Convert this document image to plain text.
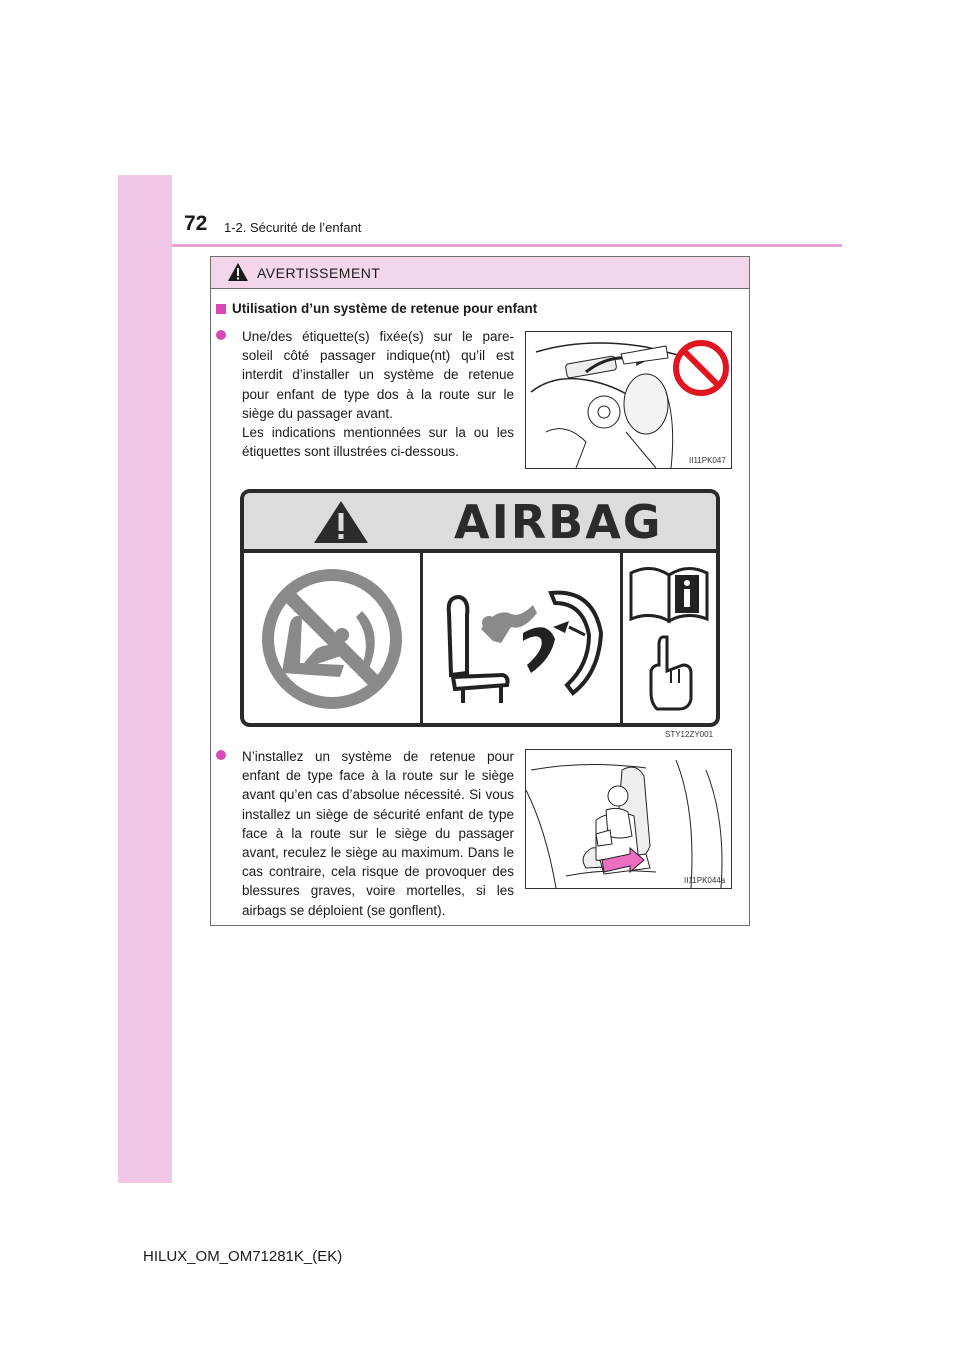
72 1-2. Sécurité de l’enfant
AVERTISSEMENT
Utilisation d’un système de retenue pour enfant
Une/des étiquette(s) fixée(s) sur le pare-soleil côté passager indique(nt) qu’il est interdit d’installer un système de retenue pour enfant de type dos à la route sur le siège du passager avant.
Les indications mentionnées sur la ou les étiquettes sont illustrées ci-dessous.
II11PK047
AIRBAG
STY12ZY001
N’installez un système de retenue pour enfant de type face à la route sur le siège avant qu’en cas d’absolue nécessité. Si vous installez un siège de sécurité enfant de type face à la route sur le siège du passager avant, reculez le siège au maximum. Dans le cas contraire, cela risque de provoquer des blessures graves, voire mortelles, si les airbags se déploient (se gonflent).
II11PK044a
HILUX_OM_OM71281K_(EK)
